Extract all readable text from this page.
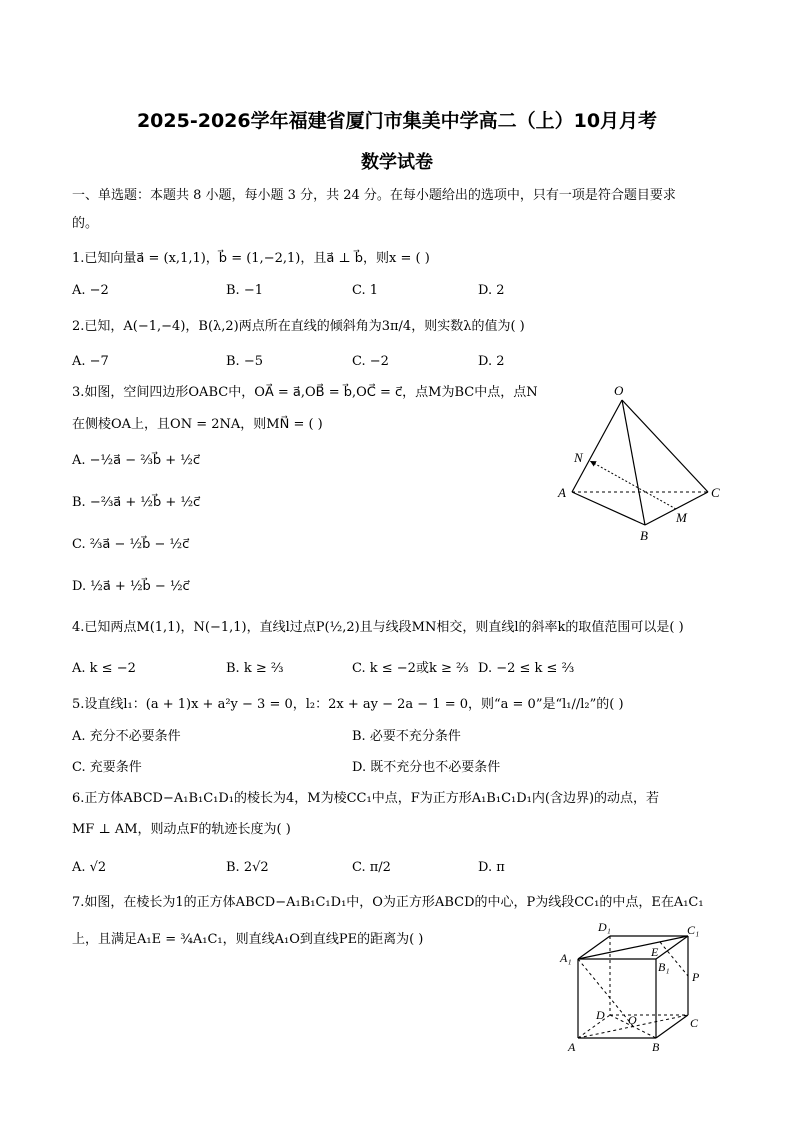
2025-2026学年福建省厦门市集美中学高二（上）10月月考
数学试卷
一、单选题：本题共 8 小题，每小题 3 分，共 24 分。在每小题给出的选项中，只有一项是符合题目要求
的。
1.已知向量a⃗ = (x,1,1)，b⃗ = (1,−2,1)，且a⃗ ⊥ b⃗，则x = ( )
A. −2	B. −1	C. 1	D. 2
2.已知，A(−1,−4)，B(λ,2)两点所在直线的倾斜角为3π/4，则实数λ的值为( )
A. −7	B. −5	C. −2	D. 2
3.如图，空间四边形OABC中，OA⃗ = a⃗,OB⃗ = b⃗,OC⃗ = c⃗，点M为BC中点，点N
在侧棱OA上，且ON = 2NA，则MN⃗ = ( )
A. −½a⃗ − ⅔b⃗ + ½c⃗
B. −⅔a⃗ + ½b⃗ + ½c⃗
C. ⅔a⃗ − ½b⃗ − ½c⃗
D. ½a⃗ + ½b⃗ − ½c⃗
O
N
A	C
M
B
4.已知两点M(1,1)，N(−1,1)，直线l过点P(½,2)且与线段MN相交，则直线l的斜率k的取值范围可以是( )
A. k ≤ −2	B. k ≥ ⅔	C. k ≤ −2或k ≥ ⅔ D. −2 ≤ k ≤ ⅔
5.设直线l₁：(a + 1)x + a²y − 3 = 0，l₂：2x + ay − 2a − 1 = 0，则“a = 0”是“l₁//l₂”的( )
A. 充分不必要条件	B. 必要不充分条件
C. 充要条件	D. 既不充分也不必要条件
6.正方体ABCD−A₁B₁C₁D₁的棱长为4，M为棱CC₁中点，F为正方形A₁B₁C₁D₁内(含边界)的动点，若
MF ⊥ AM，则动点F的轨迹长度为( )
A. √2	B. 2√2	C. π/2	D. π
7.如图，在棱长为1的正方体ABCD−A₁B₁C₁D₁中，O为正方形ABCD的中心，P为线段CC₁的中点，E在A₁C₁
上，且满足A₁E = ¾A₁C₁，则直线A₁O到直线PE的距离为( )
D₁	C₁
A₁	E
B₁
P
D O	C
A	B
